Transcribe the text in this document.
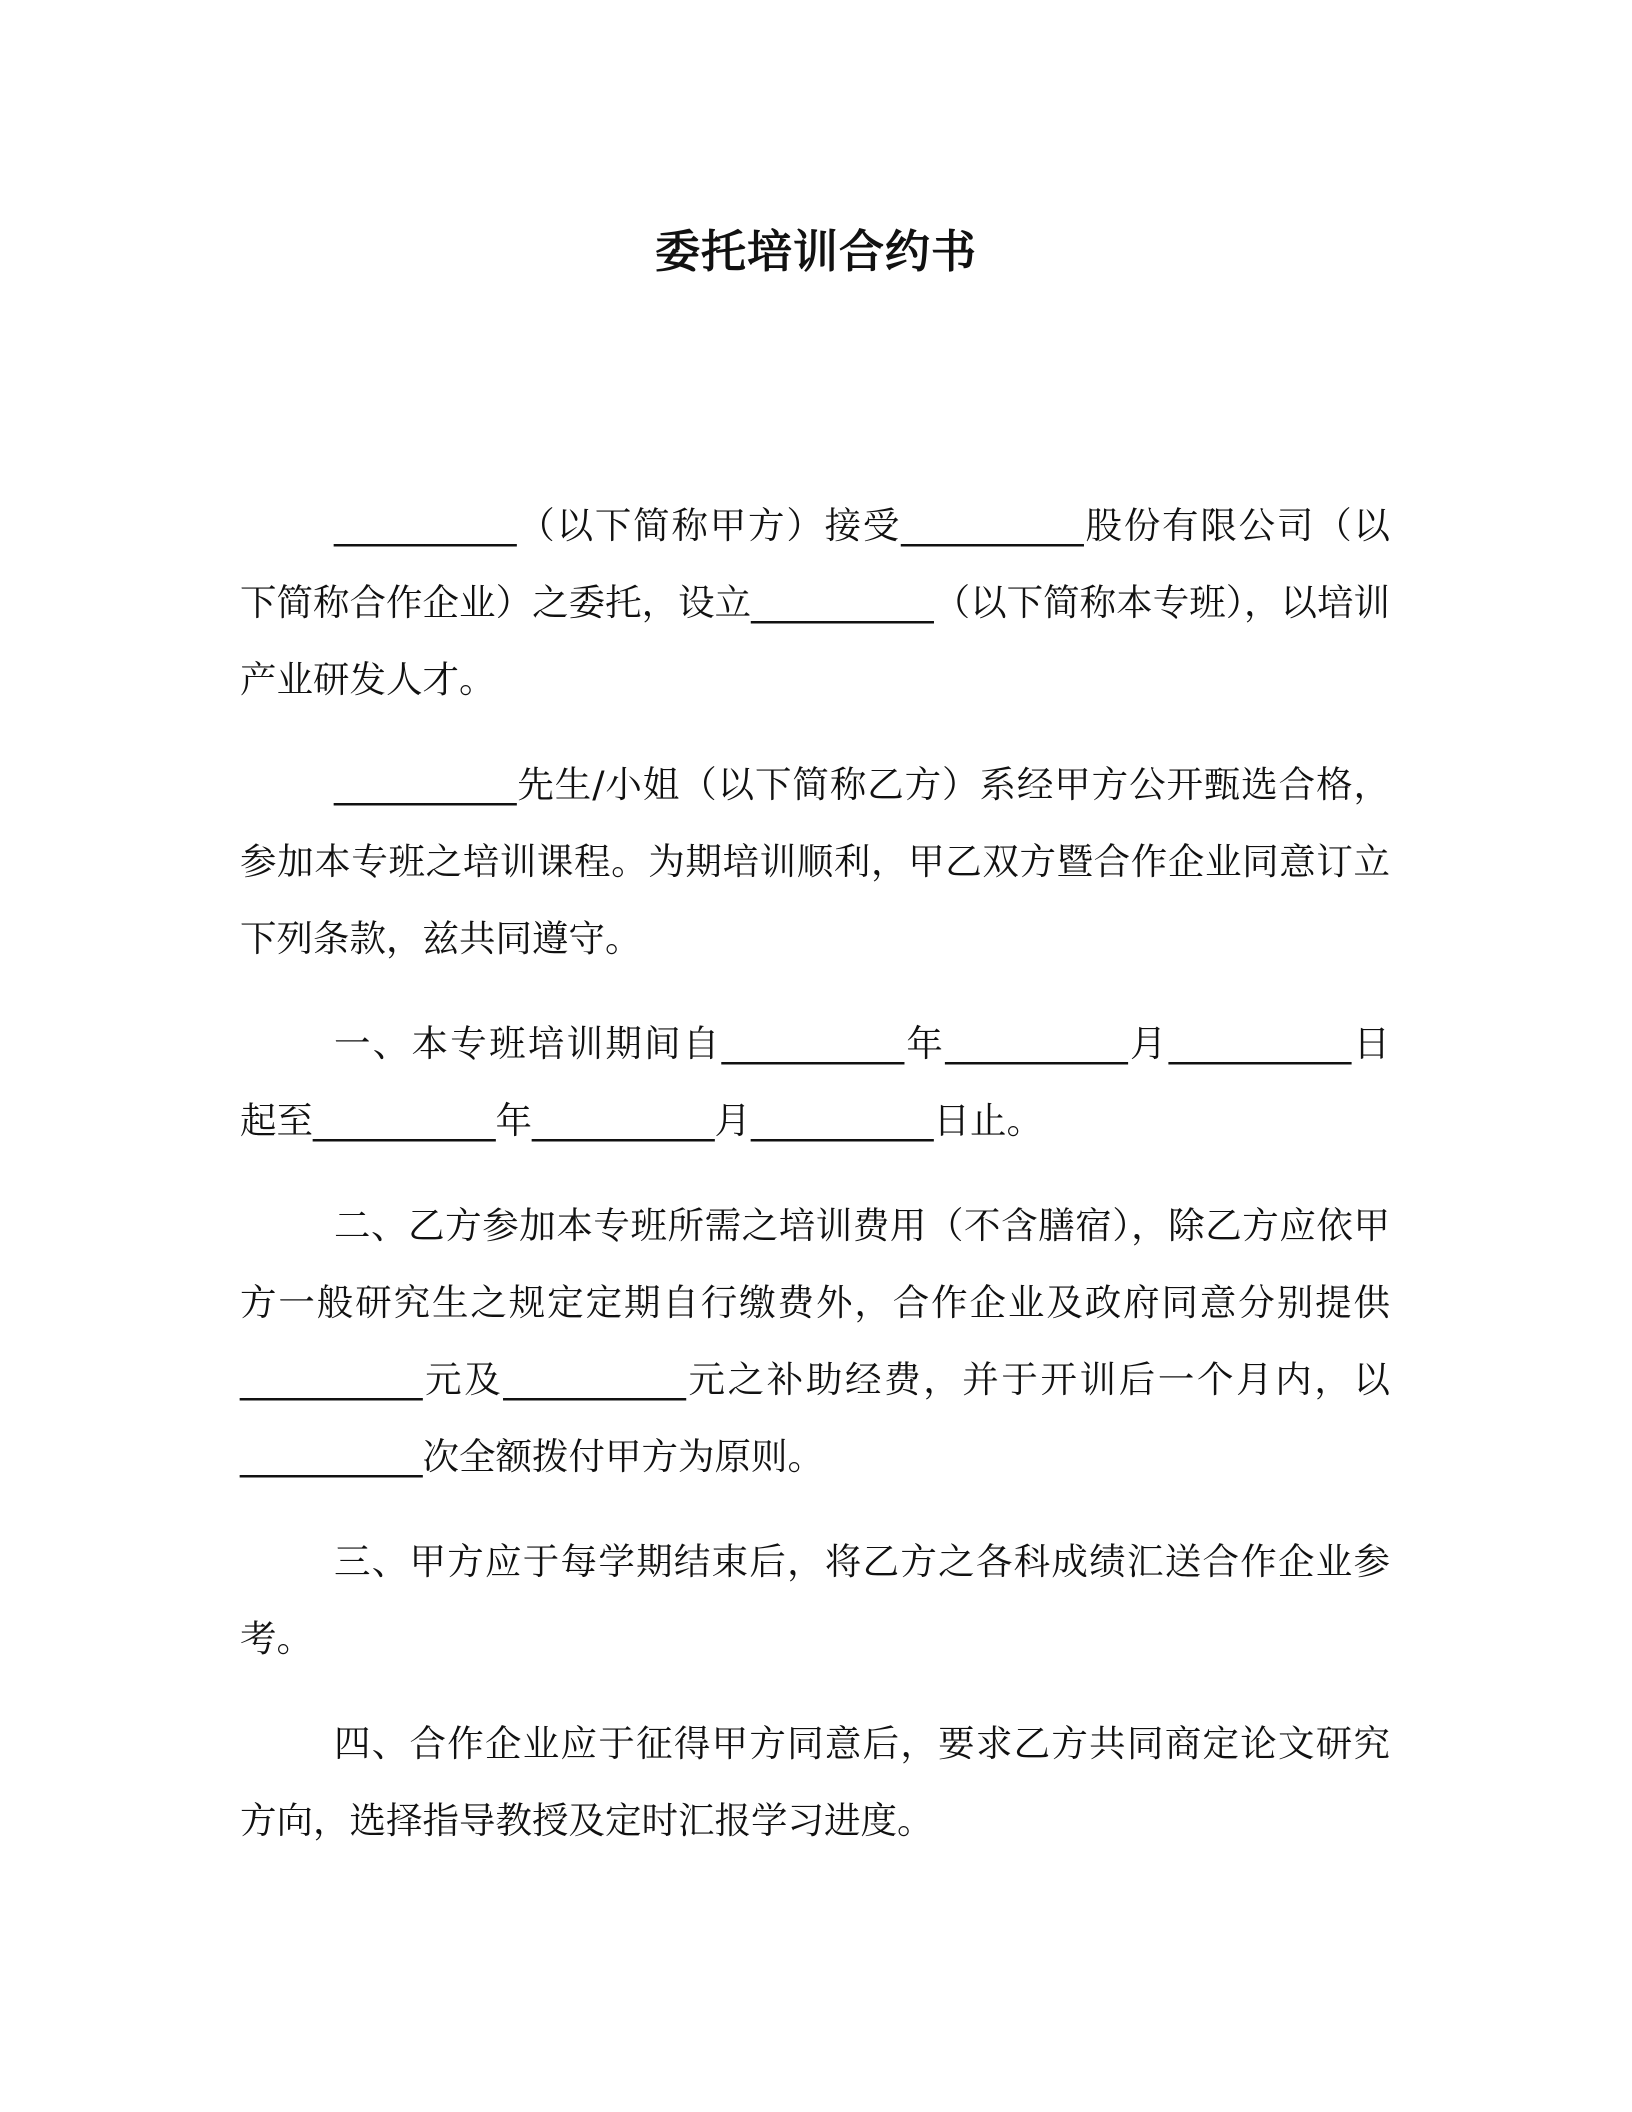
委托培训合约书

__________（以下简称甲方）接受__________股份有限公司（以下简称合作企业）之委托，设立__________（以下简称本专班），以培训产业研发人才。

__________先生/小姐（以下简称乙方）系经甲方公开甄选合格，参加本专班之培训课程。为期培训顺利，甲乙双方暨合作企业同意订立下列条款，兹共同遵守。

一、本专班培训期间自__________年__________月__________日起至__________年__________月__________日止。

二、乙方参加本专班所需之培训费用（不含膳宿），除乙方应依甲方一般研究生之规定定期自行缴费外，合作企业及政府同意分别提供__________元及__________元之补助经费，并于开训后一个月内，以__________次全额拨付甲方为原则。

三、甲方应于每学期结束后，将乙方之各科成绩汇送合作企业参考。

四、合作企业应于征得甲方同意后，要求乙方共同商定论文研究方向，选择指导教授及定时汇报学习进度。
